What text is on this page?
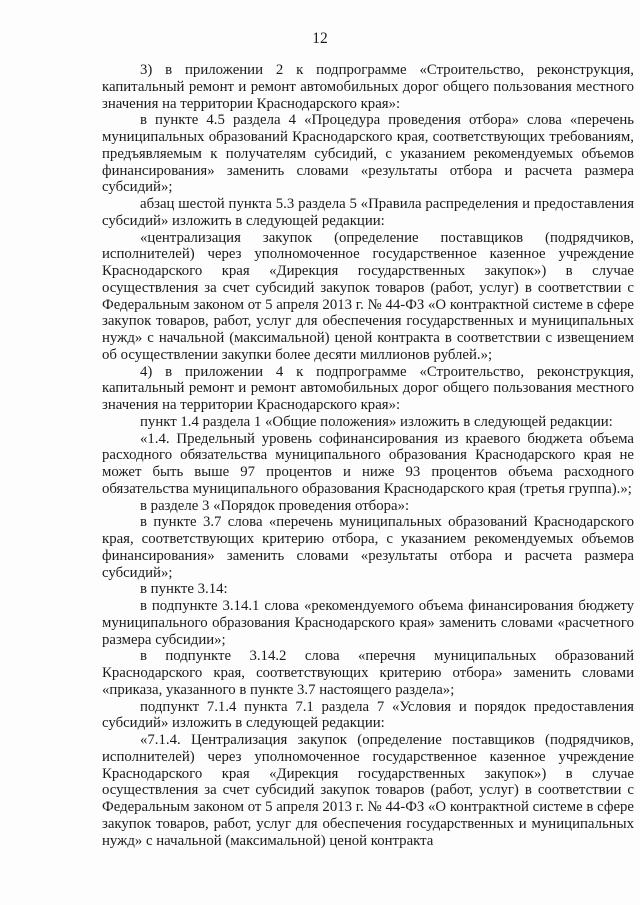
12

3) в приложении 2 к подпрограмме «Строительство, реконструкция, капитальный ремонт и ремонт автомобильных дорог общего пользования местного значения на территории Краснодарского края»:

в пункте 4.5 раздела 4 «Процедура проведения отбора» слова «перечень муниципальных образований Краснодарского края, соответствующих требованиям, предъявляемым к получателям субсидий, с указанием рекомендуемых объемов финансирования» заменить словами «результаты отбора и расчета размера субсидий»;

абзац шестой пункта 5.3 раздела 5 «Правила распределения и предоставления субсидий» изложить в следующей редакции:

«централизация закупок (определение поставщиков (подрядчиков, исполнителей) через уполномоченное государственное казенное учреждение Краснодарского края «Дирекция государственных закупок») в случае осуществления за счет субсидий закупок товаров (работ, услуг) в соответствии с Федеральным законом от 5 апреля 2013 г. № 44-ФЗ «О контрактной системе в сфере закупок товаров, работ, услуг для обеспечения государственных и муниципальных нужд» с начальной (максимальной) ценой контракта в соответствии с извещением об осуществлении закупки более десяти миллионов рублей.»;

4) в приложении 4 к подпрограмме «Строительство, реконструкция, капитальный ремонт и ремонт автомобильных дорог общего пользования местного значения на территории Краснодарского края»:

пункт 1.4 раздела 1 «Общие положения» изложить в следующей редакции:

«1.4. Предельный уровень софинансирования из краевого бюджета объема расходного обязательства муниципального образования Краснодарского края не может быть выше 97 процентов и ниже 93 процентов объема расходного обязательства муниципального образования Краснодарского края (третья группа).»;

в разделе 3 «Порядок проведения отбора»:

в пункте 3.7 слова «перечень муниципальных образований Краснодарского края, соответствующих критерию отбора, с указанием рекомендуемых объемов финансирования» заменить словами «результаты отбора и расчета размера субсидий»;

в пункте 3.14:

в подпункте 3.14.1 слова «рекомендуемого объема финансирования бюджету муниципального образования Краснодарского края» заменить словами «расчетного размера субсидии»;

в подпункте 3.14.2 слова «перечня муниципальных образований Краснодарского края, соответствующих критерию отбора» заменить словами «приказа, указанного в пункте 3.7 настоящего раздела»;

подпункт 7.1.4 пункта 7.1 раздела 7 «Условия и порядок предоставления субсидий» изложить в следующей редакции:

«7.1.4. Централизация закупок (определение поставщиков (подрядчиков, исполнителей) через уполномоченное государственное казенное учреждение Краснодарского края «Дирекция государственных закупок») в случае осуществления за счет субсидий закупок товаров (работ, услуг) в соответствии с Федеральным законом от 5 апреля 2013 г. № 44-ФЗ «О контрактной системе в сфере закупок товаров, работ, услуг для обеспечения государственных и муниципальных нужд» с начальной (максимальной) ценой контракта
